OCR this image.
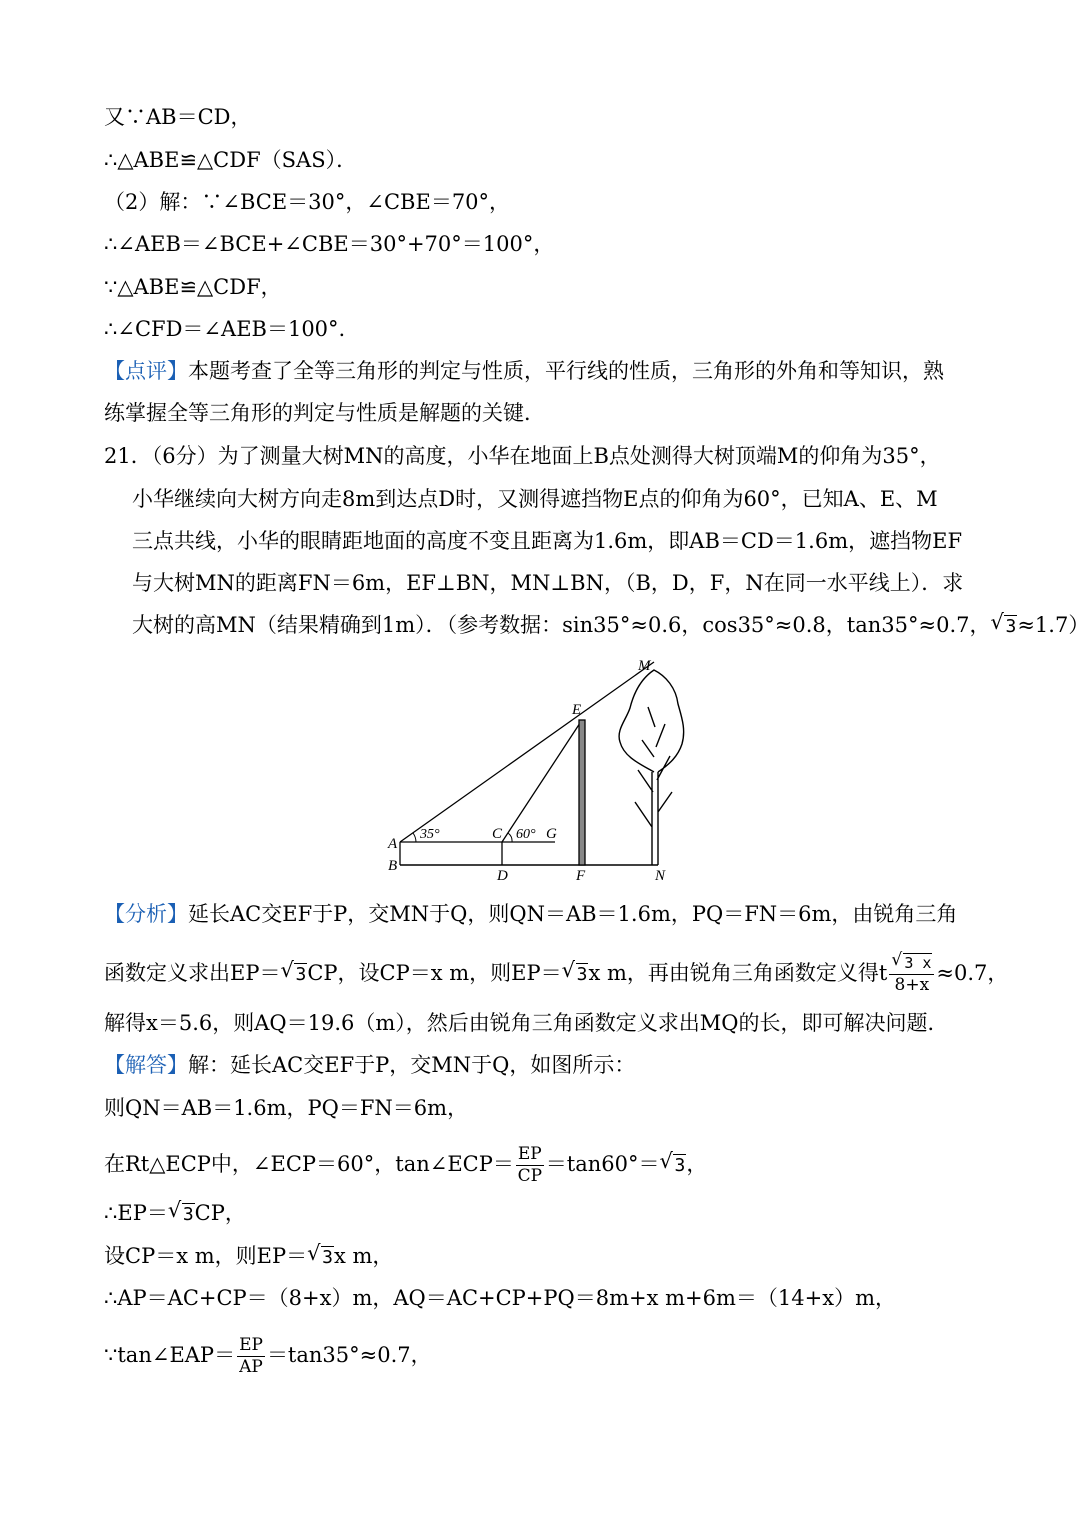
又∵AB＝CD，
∴△ABE≌△CDF（SAS）．
（2）解：∵∠BCE＝30°，∠CBE＝70°，
∴∠AEB＝∠BCE+∠CBE＝30°+70°＝100°，
∵△ABE≌△CDF，
∴∠CFD＝∠AEB＝100°.
【点评】本题考查了全等三角形的判定与性质，平行线的性质，三角形的外角和等知识，熟
练掌握全等三角形的判定与性质是解题的关键．
21．（6分）为了测量大树MN的高度，小华在地面上B点处测得大树顶端M的仰角为35°，
小华继续向大树方向走8m到达点D时，又测得遮挡物E点的仰角为60°，已知A、E、M
三点共线，小华的眼睛距地面的高度不变且距离为1.6m，即AB＝CD＝1.6m，遮挡物EF
与大树MN的距离FN＝6m，EF⊥BN，MN⊥BN，（B，D，F，N在同一水平线上）．求
大树的高MN（结果精确到1m）．（参考数据：sin35°≈0.6，cos35°≈0.8，tan35°≈0.7， √ 3≈1.7）
M
E
A
B
C	G
D	F	N
35°	60°
【分析】延长AC交EF于P，交MN于Q，则QN＝AB＝1.6m，PQ＝FN＝6m，由锐角三角
函数定义求出EP＝ √ 3CP，设CP＝x m，则EP＝ √ 3x m，再由锐角三角函数定义得t $\frac{√ 3 x}{8+x} \approx 0.7$，
解得x＝5.6，则AQ＝19.6（m），然后由锐角三角函数定义求出MQ的长，即可解决问题．
【解答】解：延长AC交EF于P，交MN于Q，如图所示：
则QN＝AB＝1.6m，PQ＝FN＝6m，
在Rt△ECP中，∠ECP＝60°，tan∠ECP＝ $\frac{EP}{CP} =\tan 60^\circ=$ √ 3，
∴EP＝ √ 3CP，
设CP＝x m，则EP＝ √ 3x m，
∴AP＝AC+CP＝（8+x）m，AQ＝AC+CP+PQ＝8m+x m+6m＝（14+x）m，
∵tan∠EAP＝ $\frac{EP}{AP} =\tan 35^\circ\approx 0.7$，
